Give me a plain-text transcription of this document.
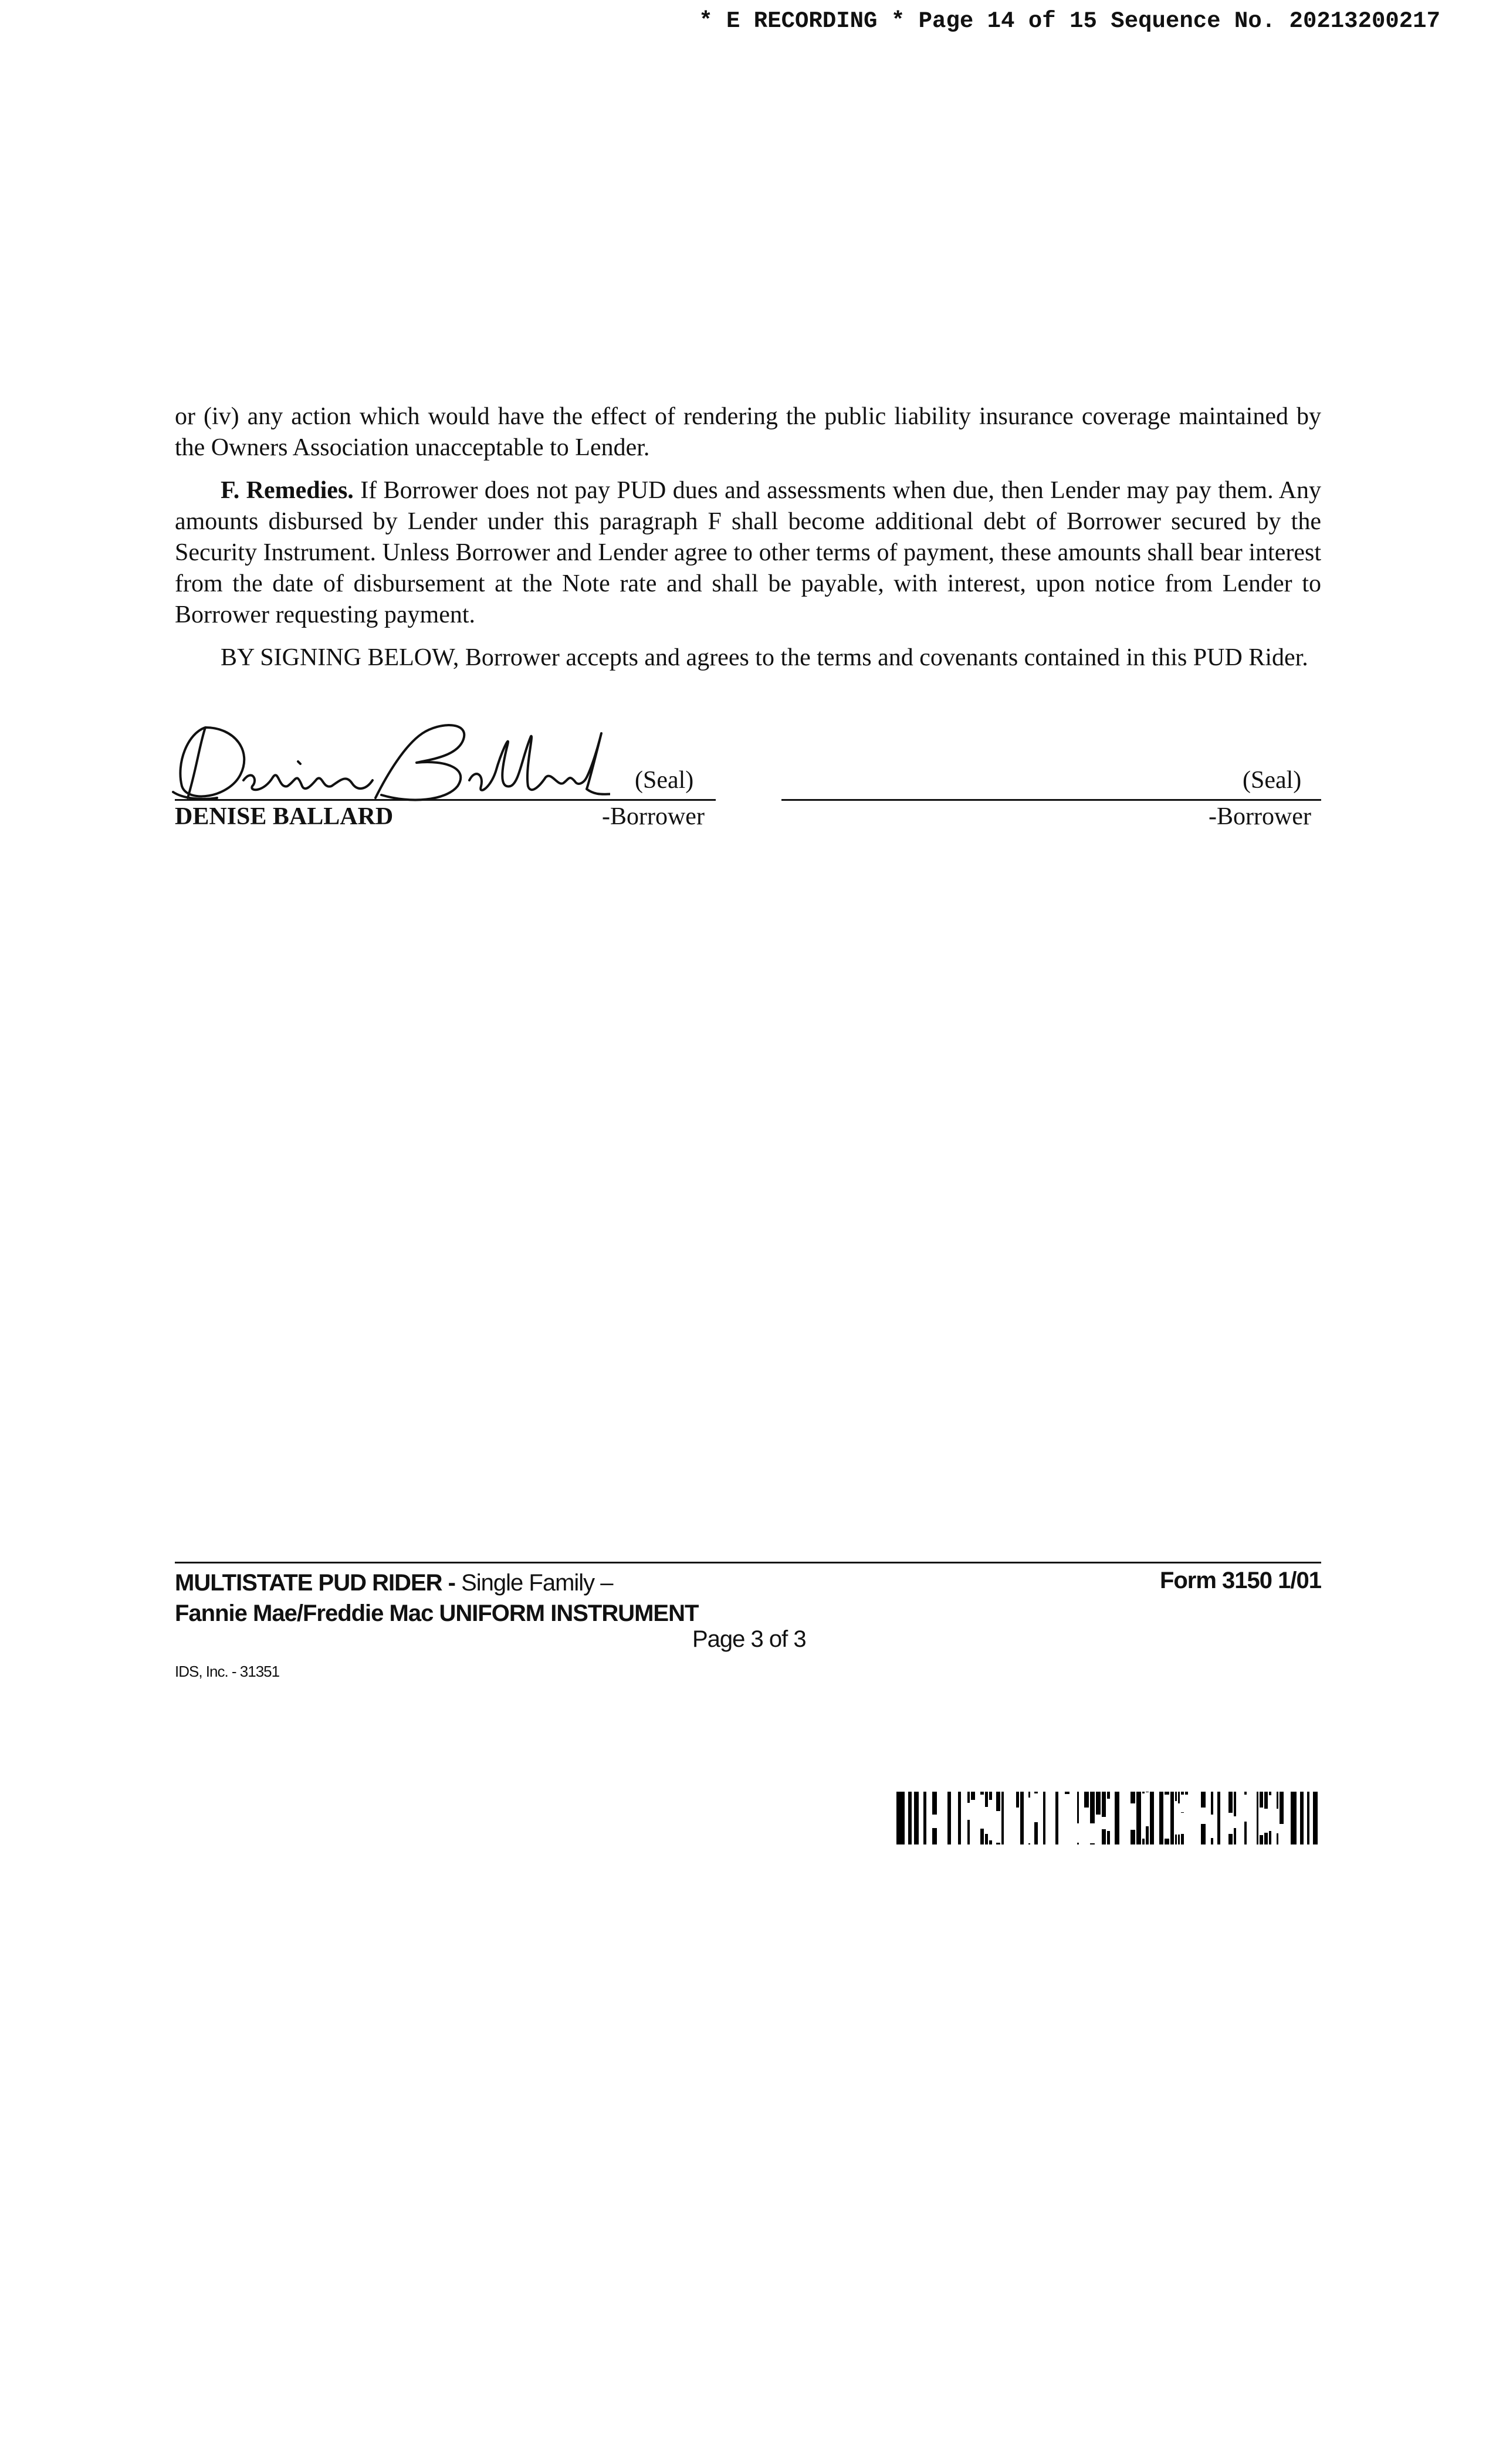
* E RECORDING * Page 14 of 15 Sequence No. 20213200217

or (iv) any action which would have the effect of rendering the public liability insurance coverage maintained by the Owners Association unacceptable to Lender.

F. Remedies. If Borrower does not pay PUD dues and assessments when due, then Lender may pay them. Any amounts disbursed by Lender under this paragraph F shall become additional debt of Borrower secured by the Security Instrument. Unless Borrower and Lender agree to other terms of payment, these amounts shall bear interest from the date of disbursement at the Note rate and shall be payable, with interest, upon notice from Lender to Borrower requesting payment.

BY SIGNING BELOW, Borrower accepts and agrees to the terms and covenants contained in this PUD Rider.

(Seal)
DENISE BALLARD	-Borrower
(Seal)
-Borrower
MULTISTATE PUD RIDER - Single Family –
Fannie Mae/Freddie Mac UNIFORM INSTRUMENT
Form 3150 1/01
Page 3 of 3
IDS, Inc. - 31351
